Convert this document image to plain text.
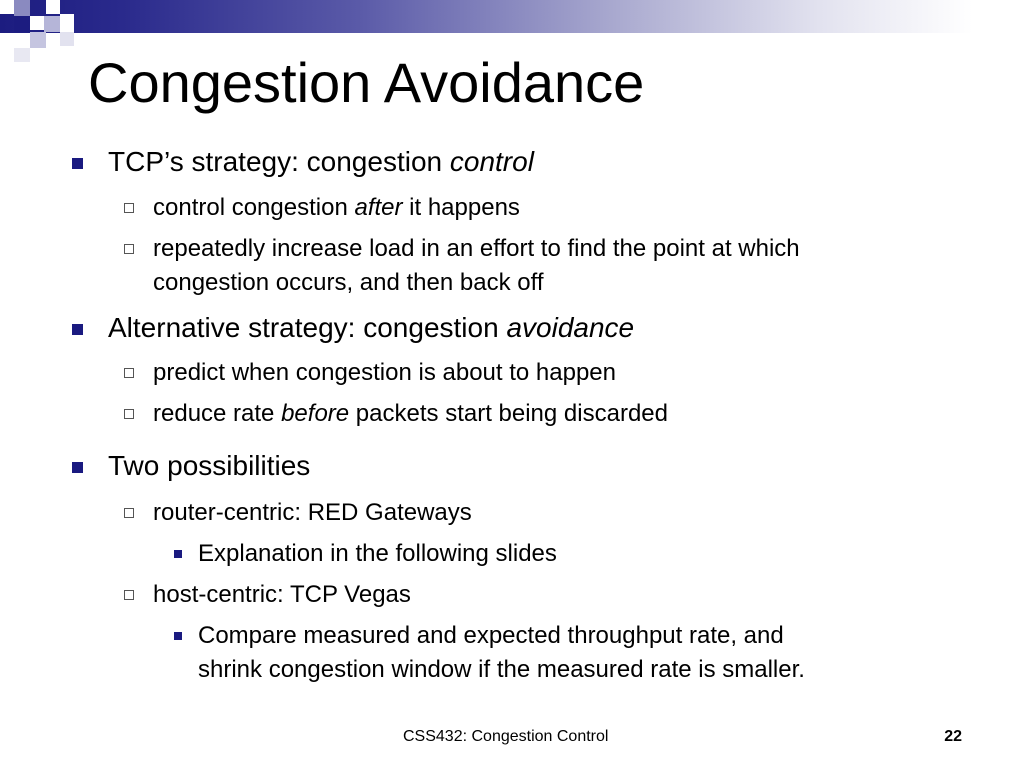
Congestion Avoidance
TCP’s strategy: congestion control
control congestion after it happens
repeatedly increase load in an effort to find the point at which
congestion occurs, and then back off
Alternative strategy: congestion avoidance
predict when congestion is about to happen
reduce rate before packets start being discarded
Two possibilities
router-centric: RED Gateways
Explanation in the following slides
host-centric: TCP Vegas
Compare measured and expected throughput rate, and
shrink congestion window if the measured rate is smaller.
CSS432: Congestion Control	22
